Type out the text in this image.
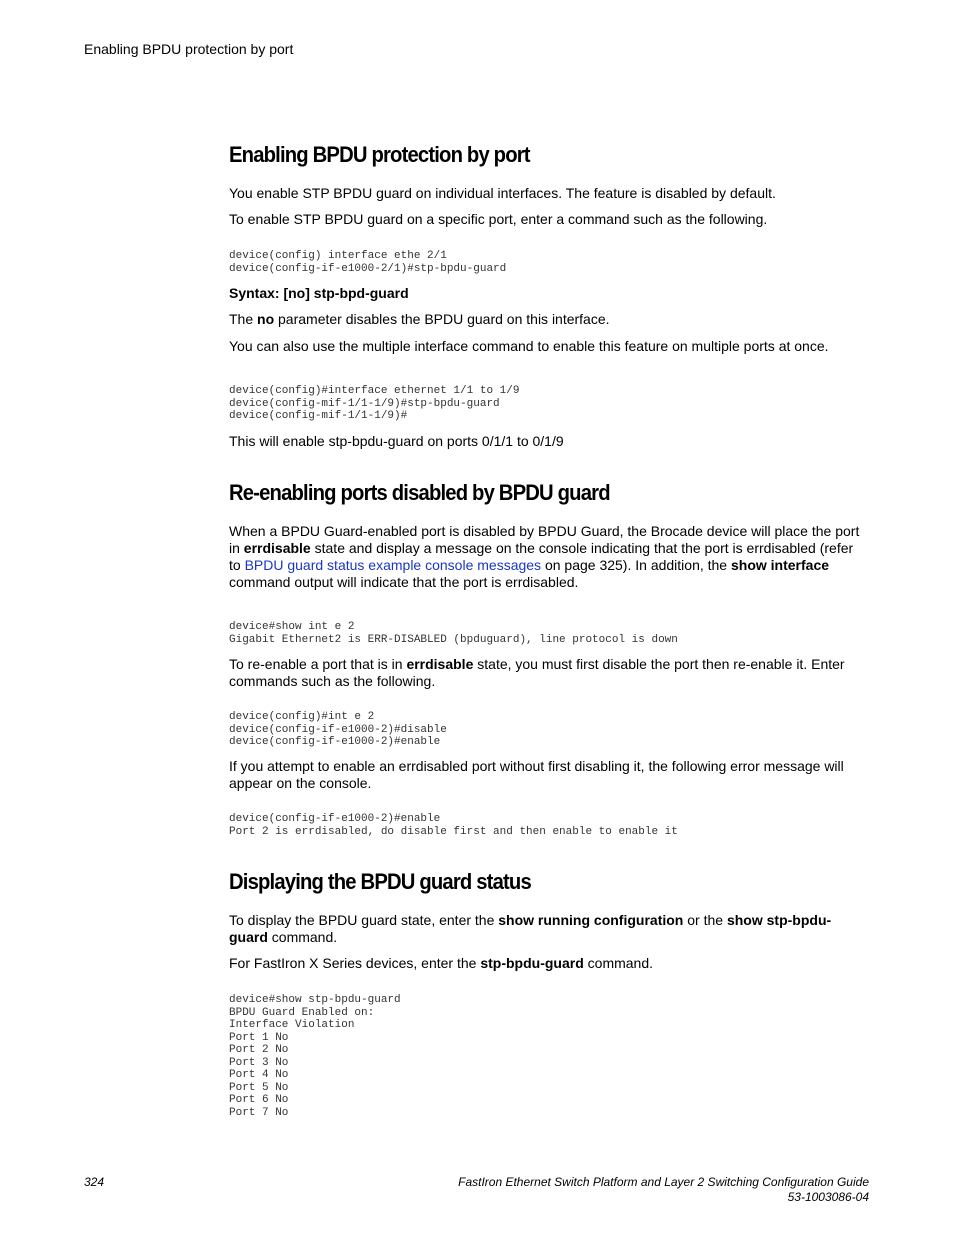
Enabling BPDU protection by port
Enabling BPDU protection by port

You enable STP BPDU guard on individual interfaces. The feature is disabled by default.

To enable STP BPDU guard on a specific port, enter a command such as the following.

device(config) interface ethe 2/1
device(config-if-e1000-2/1)#stp-bpdu-guard

Syntax: [no] stp-bpd-guard

The no parameter disables the BPDU guard on this interface.

You can also use the multiple interface command to enable this feature on multiple ports at once.

device(config)#interface ethernet 1/1 to 1/9
device(config-mif-1/1-1/9)#stp-bpdu-guard
device(config-mif-1/1-1/9)#

This will enable stp-bpdu-guard on ports 0/1/1 to 0/1/9

Re-enabling ports disabled by BPDU guard

When a BPDU Guard-enabled port is disabled by BPDU Guard, the Brocade device will place the port in errdisable state and display a message on the console indicating that the port is errdisabled (refer to BPDU guard status example console messages on page 325). In addition, the show interface command output will indicate that the port is errdisabled.

device#show int e 2
Gigabit Ethernet2 is ERR-DISABLED (bpduguard), line protocol is down

To re-enable a port that is in errdisable state, you must first disable the port then re-enable it. Enter commands such as the following.

device(config)#int e 2
device(config-if-e1000-2)#disable
device(config-if-e1000-2)#enable

If you attempt to enable an errdisabled port without first disabling it, the following error message will appear on the console.

device(config-if-e1000-2)#enable
Port 2 is errdisabled, do disable first and then enable to enable it
Displaying the BPDU guard status

To display the BPDU guard state, enter the show running configuration or the show stp-bpdu-guard command.

For FastIron X Series devices, enter the stp-bpdu-guard command.

device#show stp-bpdu-guard
BPDU Guard Enabled on:
Interface Violation
Port 1 No
Port 2 No
Port 3 No
Port 4 No
Port 5 No
Port 6 No
Port 7 No
324	FastIron Ethernet Switch Platform and Layer 2 Switching Configuration Guide
53-1003086-04
